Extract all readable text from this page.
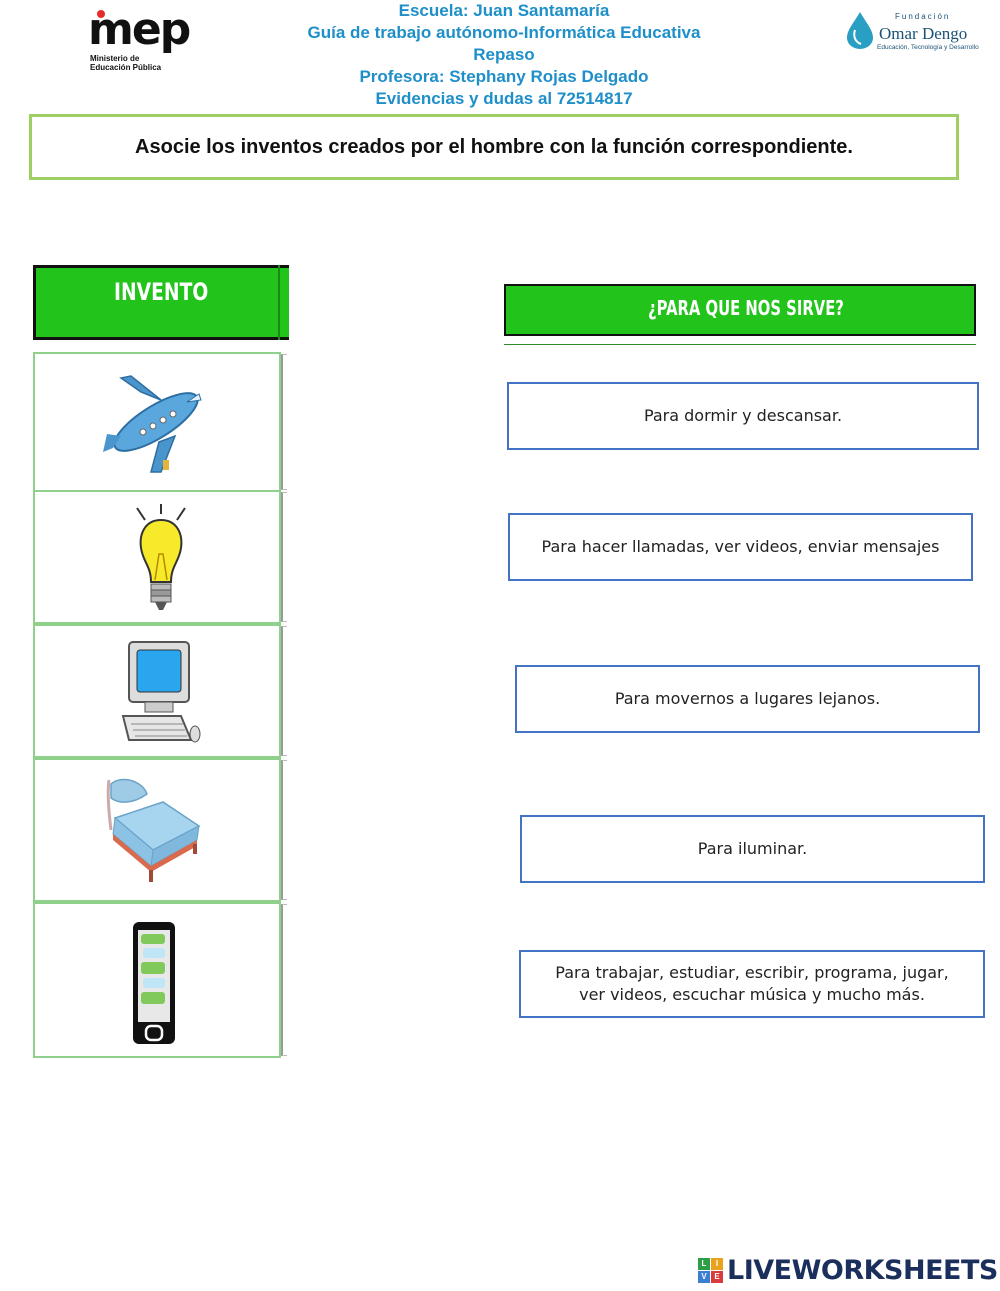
mep
Ministerio de
Educación Pública
Escuela: Juan Santamaría
Guía de trabajo autónomo-Informática Educativa
Repaso
Profesora: Stephany Rojas Delgado
Evidencias y dudas al 72514817
Fundación
Omar Dengo
Educación, Tecnología y Desarrollo
Asocie los inventos creados por el hombre con la función correspondiente.
INVENTO
¿PARA QUE NOS SIRVE?
Para dormir y descansar.
Para hacer llamadas, ver videos, enviar mensajes
Para movernos a lugares lejanos.
Para iluminar.
Para trabajar, estudiar, escribir, programa, jugar,
ver videos, escuchar música y mucho más.
L	I
V E LIVEWORKSHEETS
